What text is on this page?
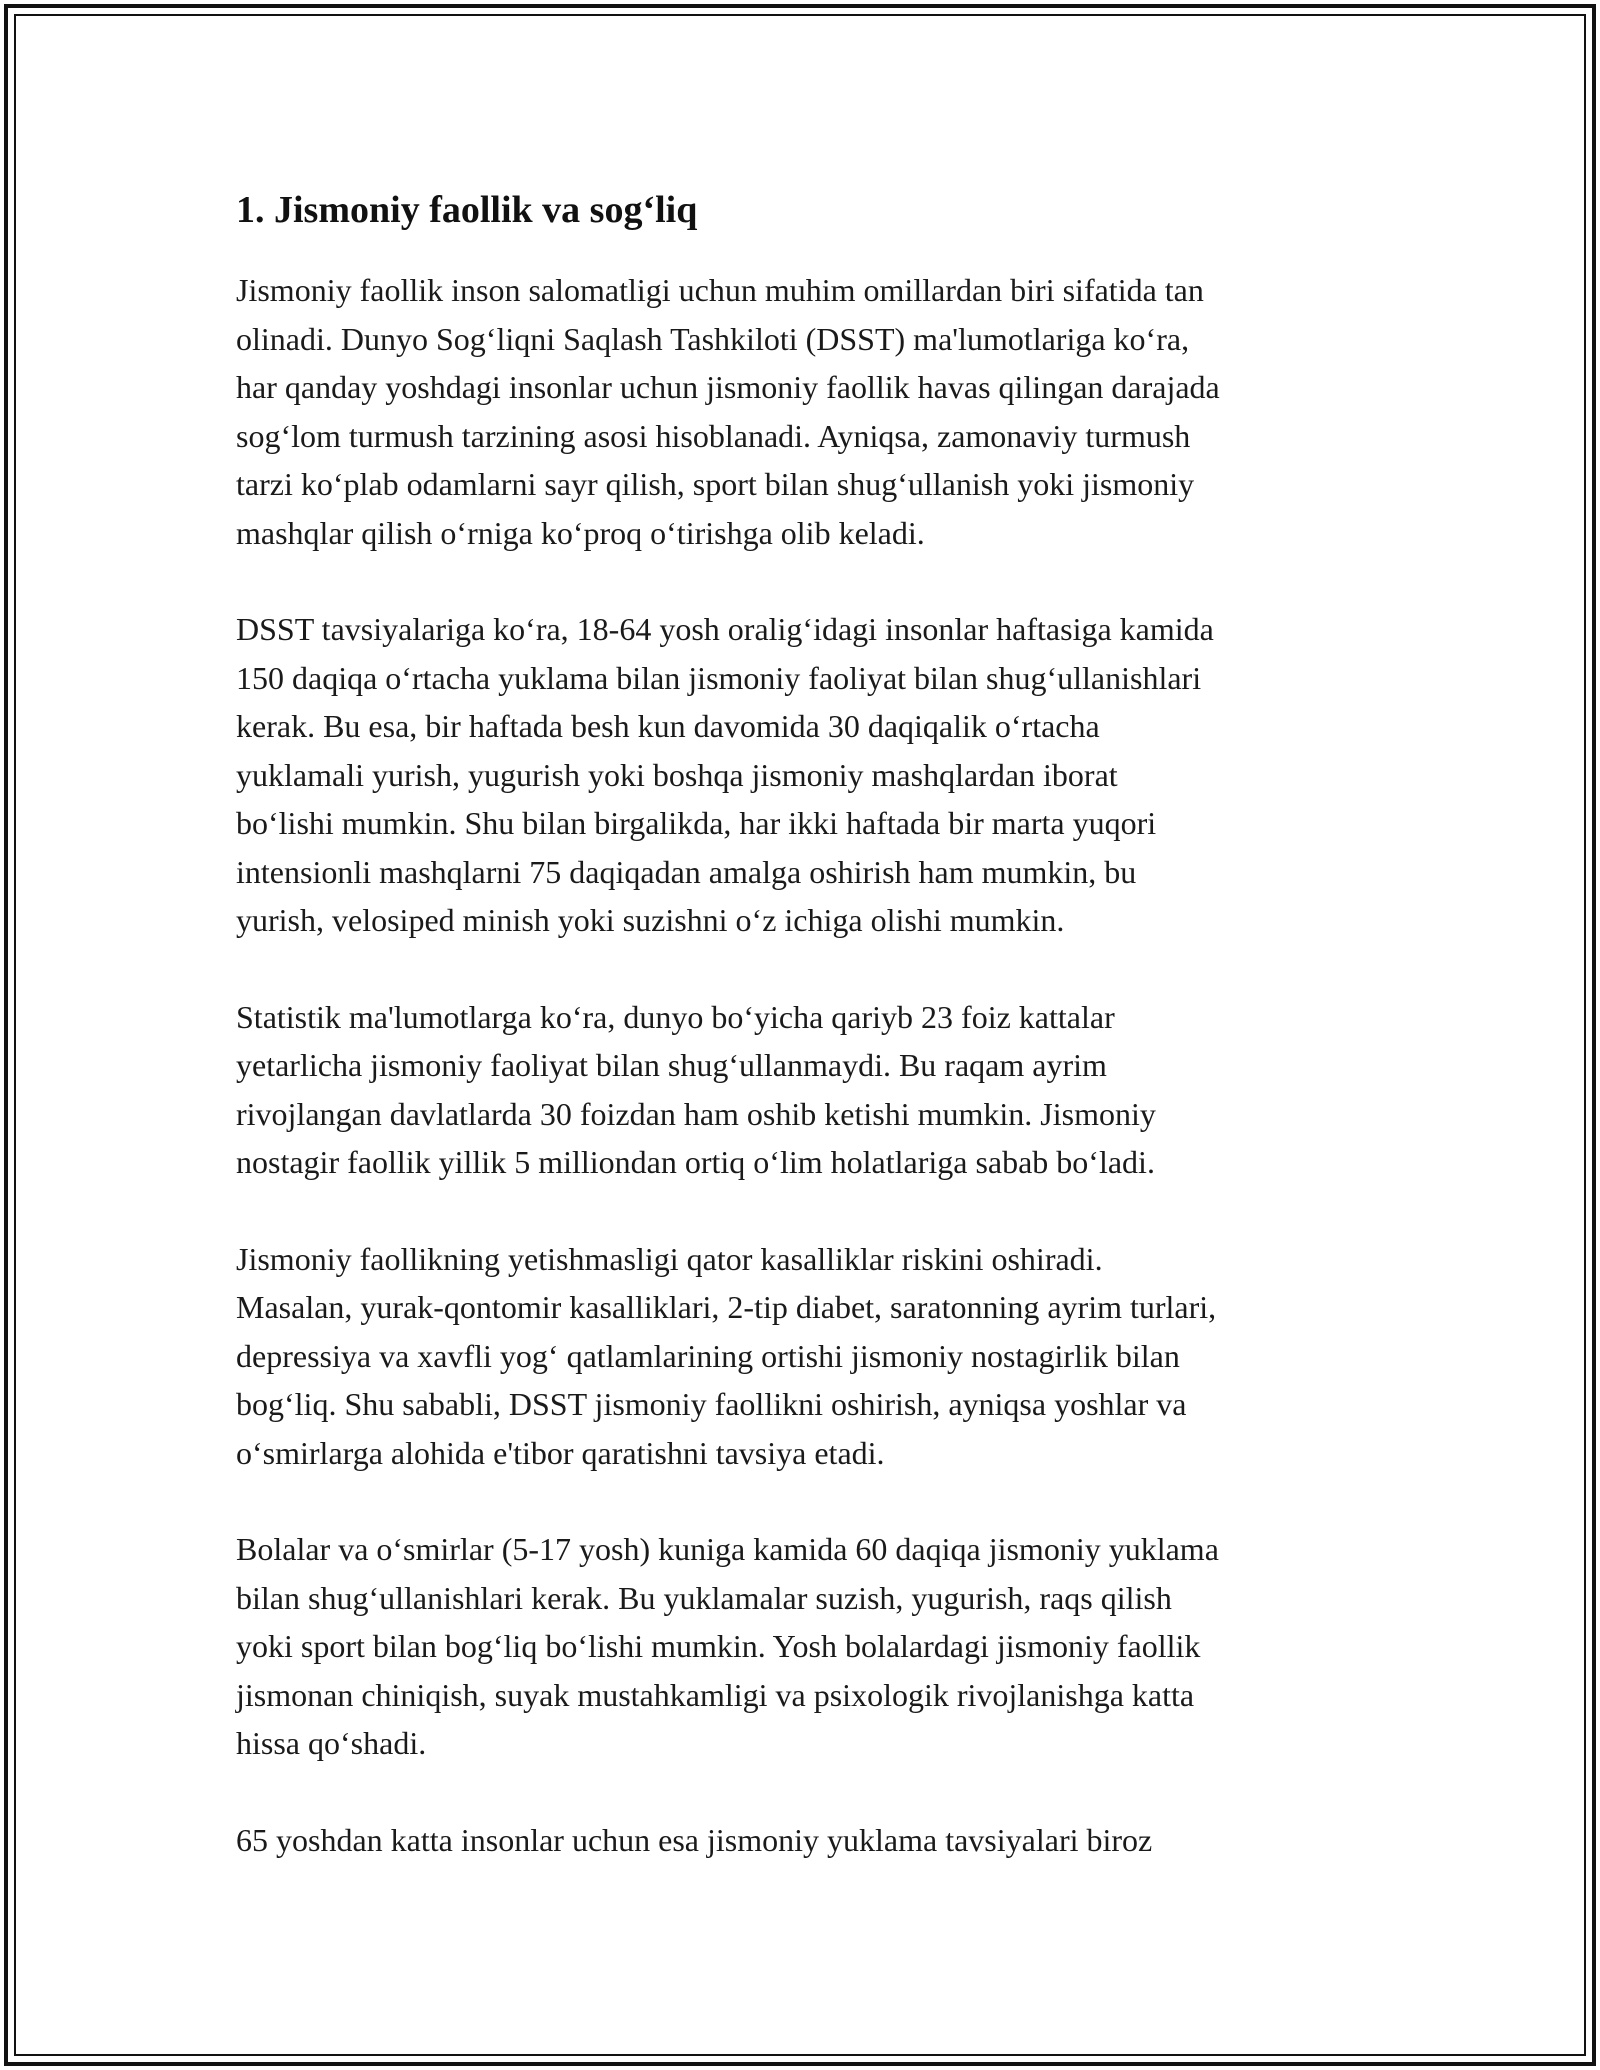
1. Jismoniy faollik va sog‘liq

Jismoniy faollik inson salomatligi uchun muhim omillardan biri sifatida tan
olinadi. Dunyo Sog‘liqni Saqlash Tashkiloti (DSST) ma'lumotlariga ko‘ra,
har qanday yoshdagi insonlar uchun jismoniy faollik havas qilingan darajada
sog‘lom turmush tarzining asosi hisoblanadi. Ayniqsa, zamonaviy turmush
tarzi ko‘plab odamlarni sayr qilish, sport bilan shug‘ullanish yoki jismoniy
mashqlar qilish o‘rniga ko‘proq o‘tirishga olib keladi.

DSST tavsiyalariga ko‘ra, 18-64 yosh oralig‘idagi insonlar haftasiga kamida
150 daqiqa o‘rtacha yuklama bilan jismoniy faoliyat bilan shug‘ullanishlari
kerak. Bu esa, bir haftada besh kun davomida 30 daqiqalik o‘rtacha
yuklamali yurish, yugurish yoki boshqa jismoniy mashqlardan iborat
bo‘lishi mumkin. Shu bilan birgalikda, har ikki haftada bir marta yuqori
intensionli mashqlarni 75 daqiqadan amalga oshirish ham mumkin, bu
yurish, velosiped minish yoki suzishni o‘z ichiga olishi mumkin.

Statistik ma'lumotlarga ko‘ra, dunyo bo‘yicha qariyb 23 foiz kattalar
yetarlicha jismoniy faoliyat bilan shug‘ullanmaydi. Bu raqam ayrim
rivojlangan davlatlarda 30 foizdan ham oshib ketishi mumkin. Jismoniy
nostagir faollik yillik 5 milliondan ortiq o‘lim holatlariga sabab bo‘ladi.

Jismoniy faollikning yetishmasligi qator kasalliklar riskini oshiradi.
Masalan, yurak-qontomir kasalliklari, 2-tip diabet, saratonning ayrim turlari,
depressiya va xavfli yog‘ qatlamlarining ortishi jismoniy nostagirlik bilan
bog‘liq. Shu sababli, DSST jismoniy faollikni oshirish, ayniqsa yoshlar va
o‘smirlarga alohida e'tibor qaratishni tavsiya etadi.

Bolalar va o‘smirlar (5-17 yosh) kuniga kamida 60 daqiqa jismoniy yuklama
bilan shug‘ullanishlari kerak. Bu yuklamalar suzish, yugurish, raqs qilish
yoki sport bilan bog‘liq bo‘lishi mumkin. Yosh bolalardagi jismoniy faollik
jismonan chiniqish, suyak mustahkamligi va psixologik rivojlanishga katta
hissa qo‘shadi.

65 yoshdan katta insonlar uchun esa jismoniy yuklama tavsiyalari biroz
